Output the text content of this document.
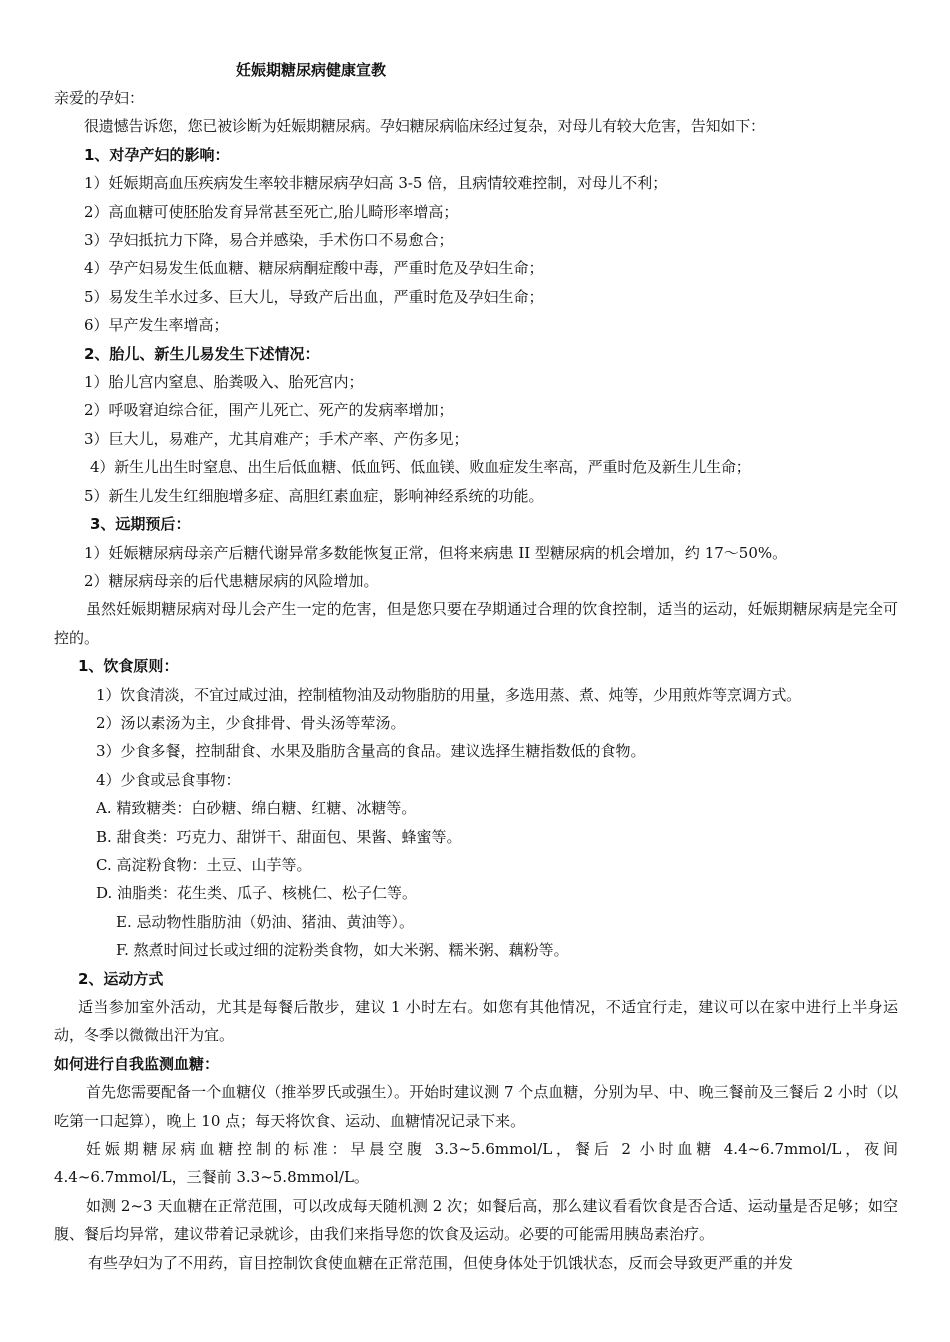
妊娠期糖尿病健康宣教

亲爱的孕妇：

很遗憾告诉您，您已被诊断为妊娠期糖尿病。孕妇糖尿病临床经过复杂，对母儿有较大危害，告知如下：

1、对孕产妇的影响：

1）妊娠期高血压疾病发生率较非糖尿病孕妇高 3-5 倍，且病情较难控制，对母儿不利；

2）高血糖可使胚胎发育异常甚至死亡,胎儿畸形率增高；

3）孕妇抵抗力下降，易合并感染，手术伤口不易愈合；

4）孕产妇易发生低血糖、糖尿病酮症酸中毒，严重时危及孕妇生命；

5）易发生羊水过多、巨大儿，导致产后出血，严重时危及孕妇生命；

6）早产发生率增高；

2、胎儿、新生儿易发生下述情况：

1）胎儿宫内窒息、胎粪吸入、胎死宫内；

2）呼吸窘迫综合征，围产儿死亡、死产的发病率增加；

3）巨大儿，易难产，尤其肩难产；手术产率、产伤多见；

4）新生儿出生时窒息、出生后低血糖、低血钙、低血镁、败血症发生率高，严重时危及新生儿生命；

5）新生儿发生红细胞增多症、高胆红素血症，影响神经系统的功能。

3、远期预后：

1）妊娠糖尿病母亲产后糖代谢异常多数能恢复正常，但将来病患 II 型糖尿病的机会增加，约 17～50%。

2）糖尿病母亲的后代患糖尿病的风险增加。

虽然妊娠期糖尿病对母儿会产生一定的危害，但是您只要在孕期通过合理的饮食控制，适当的运动，妊娠期糖尿病是完全可控的。

1、饮食原则：

1）饮食清淡，不宜过咸过油，控制植物油及动物脂肪的用量，多选用蒸、煮、炖等，少用煎炸等烹调方式。

2）汤以素汤为主，少食排骨、骨头汤等荤汤。

3）少食多餐，控制甜食、水果及脂肪含量高的食品。建议选择生糖指数低的食物。

4）少食或忌食事物：

A. 精致糖类：白砂糖、绵白糖、红糖、冰糖等。

B. 甜食类：巧克力、甜饼干、甜面包、果酱、蜂蜜等。

C. 高淀粉食物：土豆、山芋等。

D. 油脂类：花生类、瓜子、核桃仁、松子仁等。

E. 忌动物性脂肪油（奶油、猪油、黄油等）。

F. 熬煮时间过长或过细的淀粉类食物，如大米粥、糯米粥、藕粉等。

2、运动方式

适当参加室外活动，尤其是每餐后散步，建议 1 小时左右。如您有其他情况，不适宜行走，建议可以在家中进行上半身运动，冬季以微微出汗为宜。

如何进行自我监测血糖：

首先您需要配备一个血糖仪（推举罗氏或强生）。开始时建议测 7 个点血糖，分别为早、中、晚三餐前及三餐后 2 小时（以吃第一口起算），晚上 10 点；每天将饮食、运动、血糖情况记录下来。

妊娠期糖尿病血糖控制的标准：早晨空腹 3.3~5.6mmol/L，餐后 2 小时血糖 4.4~6.7mmol/L，夜间 4.4~6.7mmol/L，三餐前 3.3~5.8mmol/L。

如测 2~3 天血糖在正常范围，可以改成每天随机测 2 次；如餐后高，那么建议看看饮食是否合适、运动量是否足够；如空腹、餐后均异常，建议带着记录就诊，由我们来指导您的饮食及运动。必要的可能需用胰岛素治疗。

有些孕妇为了不用药，盲目控制饮食使血糖在正常范围，但使身体处于饥饿状态，反而会导致更严重的并发
